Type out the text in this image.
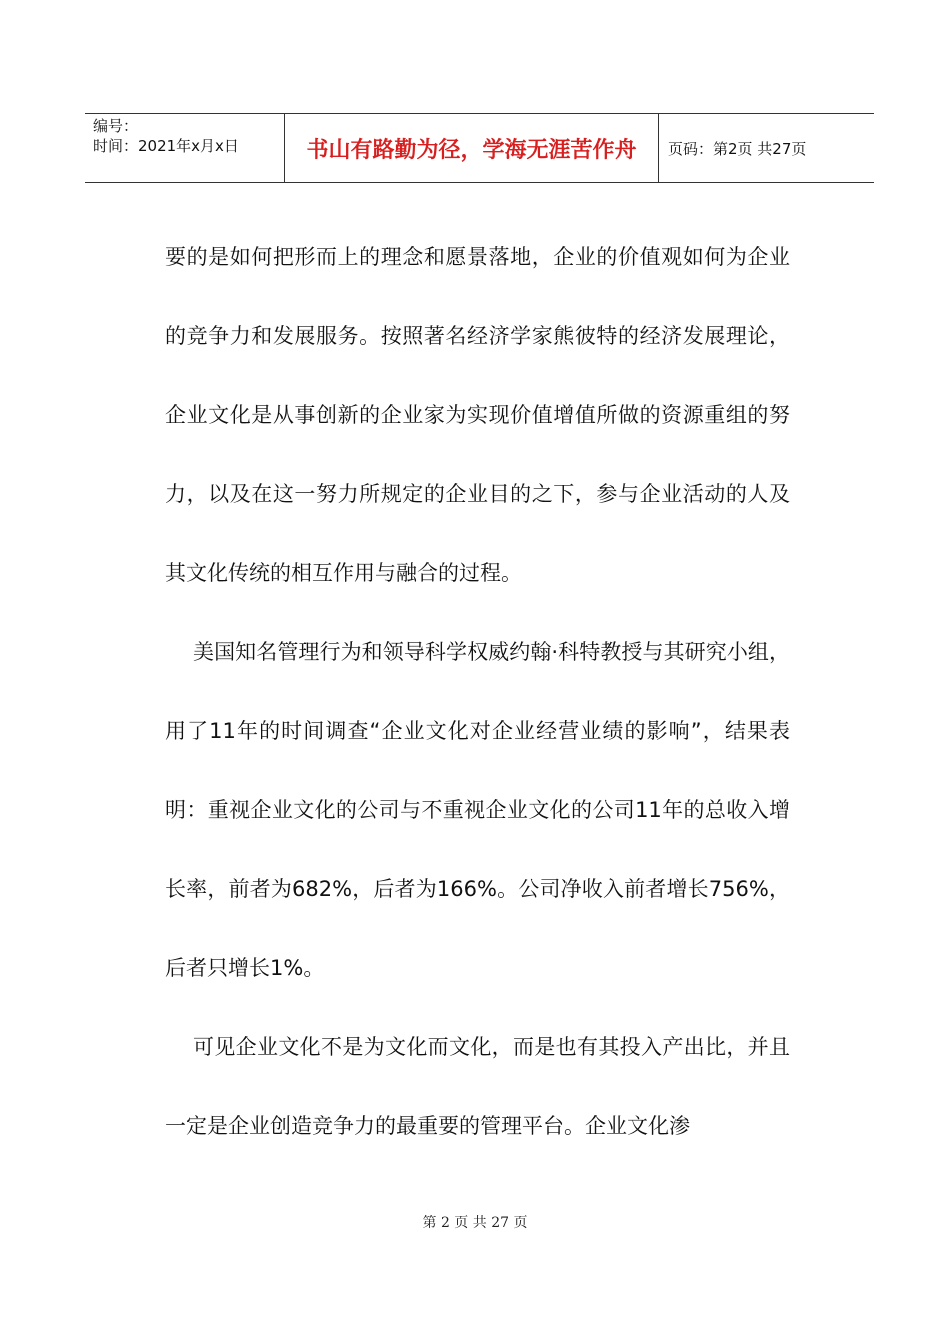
编号：
时间：2021年x月x日	书山有路勤为径，学海无涯苦作舟	页码：第2页 共27页

要的是如何把形而上的理念和愿景落地，企业的价值观如何为企业的竞争力和发展服务。按照著名经济学家熊彼特的经济发展理论，企业文化是从事创新的企业家为实现价值增值所做的资源重组的努力，以及在这一努力所规定的企业目的之下，参与企业活动的人及其文化传统的相互作用与融合的过程。

美国知名管理行为和领导科学权威约翰·科特教授与其研究小组，用了11年的时间调查“企业文化对企业经营业绩的影响”，结果表明：重视企业文化的公司与不重视企业文化的公司11年的总收入增长率，前者为682%，后者为166%。公司净收入前者增长756%，后者只增长1%。

可见企业文化不是为文化而文化，而是也有其投入产出比，并且一定是企业创造竞争力的最重要的管理平台。企业文化渗

第 2 页 共 27 页
